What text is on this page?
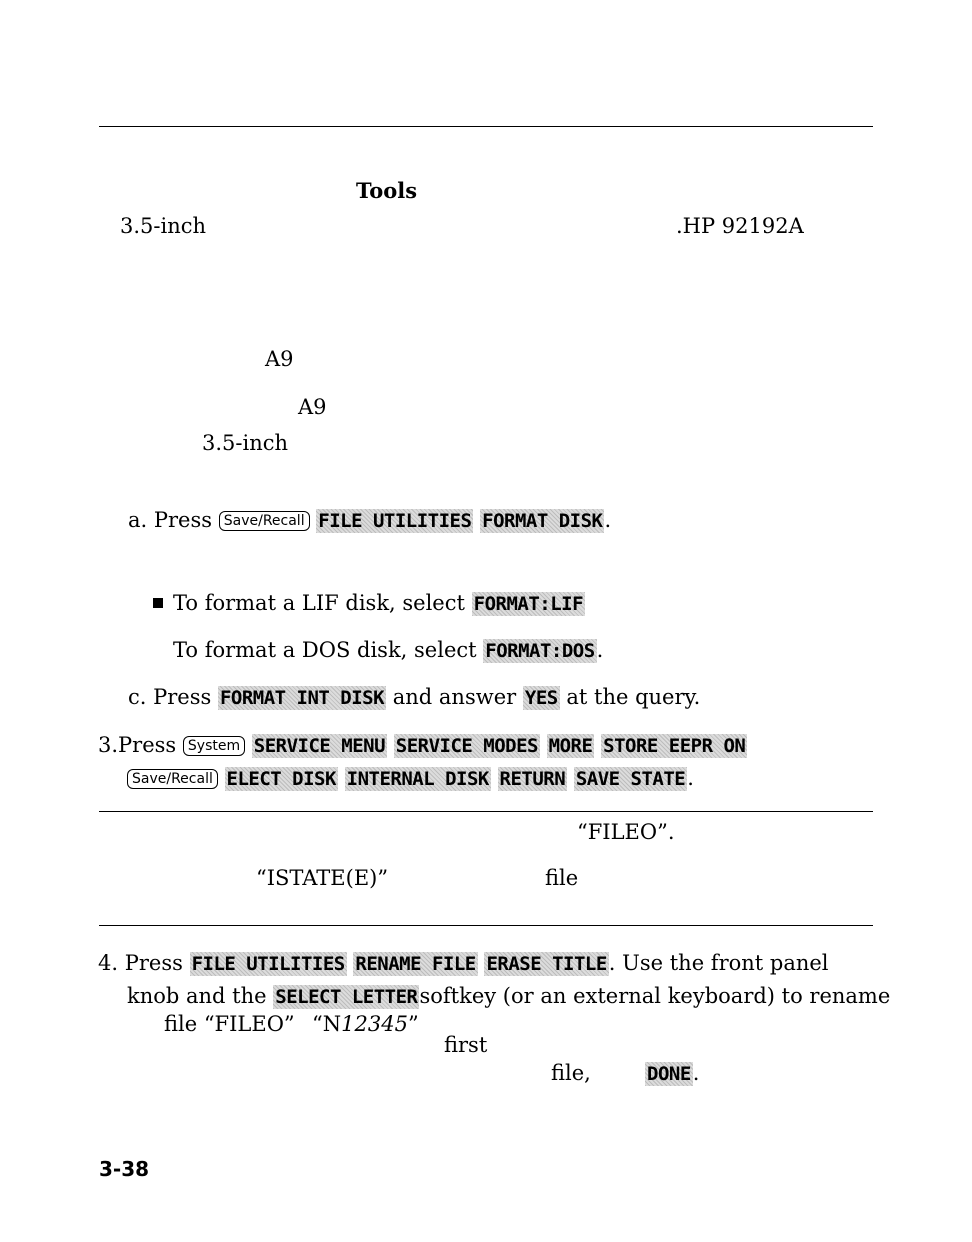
Tools
3.5-inch	.HP 92192A
A9
A9
3.5-inch
a. Press Save/Recall FILE UTILITIES FORMAT DISK.
To format a LIF disk, select FORMAT:LIF
To format a DOS disk, select FORMAT:DOS.
c. Press FORMAT INT DISK and answer YES at the query.
3.Press System SERVICE MENU SERVICE MODES MORE STORE EEPR ON
Save/Recall ELECT DISK INTERNAL DISK RETURN SAVE STATE.
“FILEO”.
“ISTATE(E)”	file
4. Press FILE UTILITIES RENAME FILE ERASE TITLE. Use the front panel
knob and the SELECT LETTERsoftkey (or an external keyboard) to rename
file “FILEO” “N12345”
first
file,	DONE.
3-38
